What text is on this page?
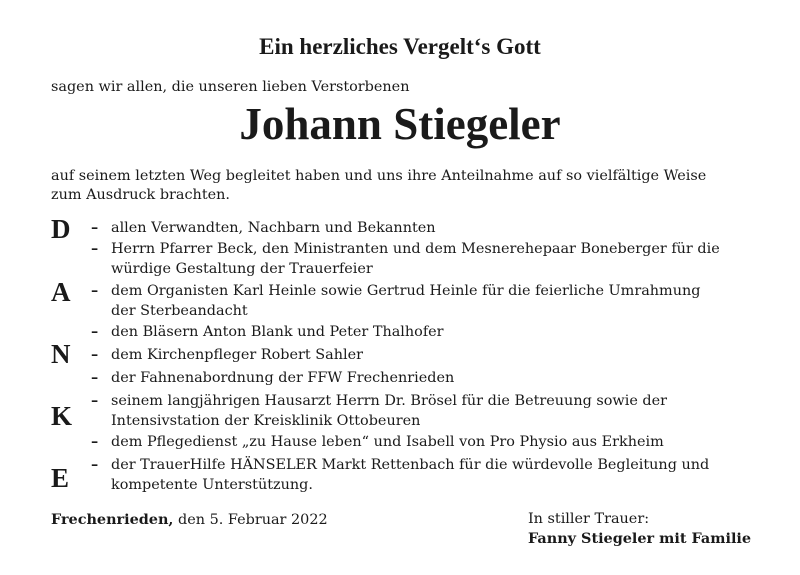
Ein herzliches Vergelt‘s Gott
sagen wir allen, die unseren lieben Verstorbenen
Johann Stiegeler
auf seinem letzten Weg begleitet haben und uns ihre Anteilnahme auf so vielfältige Weise
zum Ausdruck brachten.
D
A
N
K
E
– allen Verwandten, Nachbarn und Bekannten
– Herrn Pfarrer Beck, den Ministranten und dem Mesnerehepaar Boneberger für die
würdige Gestaltung der Trauerfeier
– dem Organisten Karl Heinle sowie Gertrud Heinle für die feierliche Umrahmung
der Sterbeandacht
– den Bläsern Anton Blank und Peter Thalhofer
– dem Kirchenpfleger Robert Sahler
– der Fahnenabordnung der FFW Frechenrieden
– seinem langjährigen Hausarzt Herrn Dr. Brösel für die Betreuung sowie der
Intensivstation der Kreisklinik Ottobeuren
– dem Pflegedienst „zu Hause leben“ und Isabell von Pro Physio aus Erkheim
– der TrauerHilfe HÄNSELER Markt Rettenbach für die würdevolle Begleitung und
kompetente Unterstützung.
Frechenrieden, den 5. Februar 2022	In stiller Trauer:
Fanny Stiegeler mit Familie
